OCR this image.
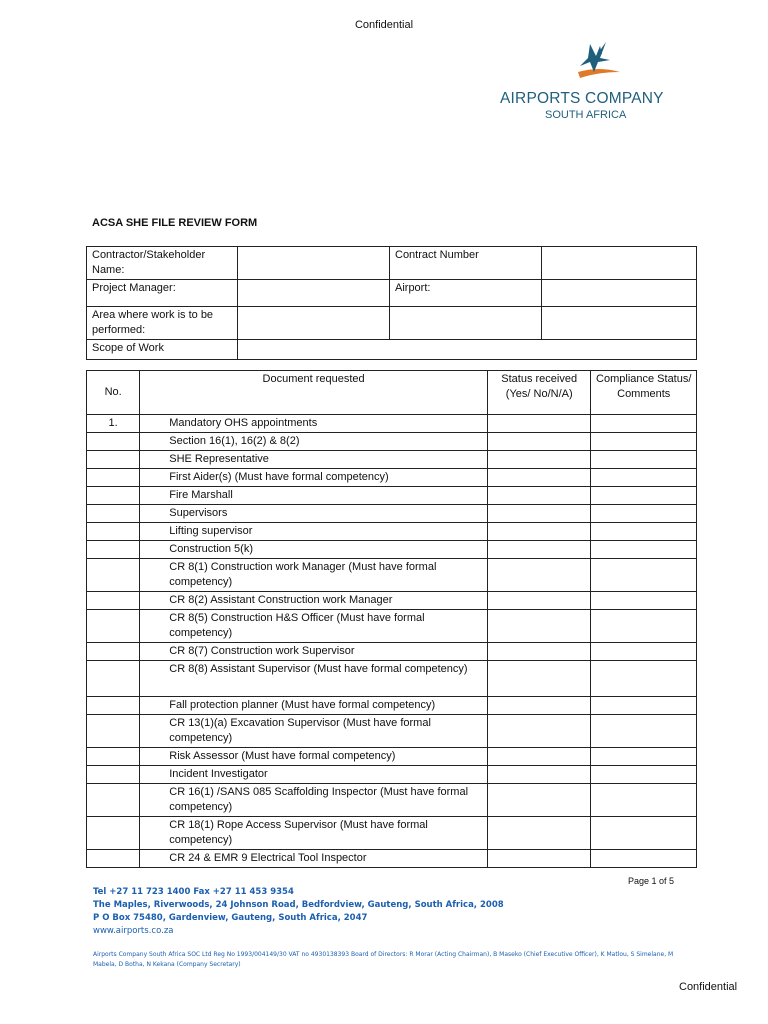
Confidential
AIRPORTS COMPANY
SOUTH AFRICA
ACSA SHE FILE REVIEW FORM
Contractor/Stakeholder Name:		Contract Number	
Project Manager:		Airport:	
Area where work is to be performed:			
Scope of Work			
No.	Document requested	Status received (Yes/ No/N/A)	Compliance Status/ Comments
1.	Mandatory OHS appointments		
	Section 16(1), 16(2) & 8(2)		
	SHE Representative		
	First Aider(s) (Must have formal competency)		
	Fire Marshall		
	Supervisors		
	Lifting supervisor		
	Construction 5(k)		
	CR 8(1) Construction work Manager (Must have formal competency)		
	CR 8(2) Assistant Construction work Manager		
	CR 8(5) Construction H&S Officer (Must have formal competency)		
	CR 8(7) Construction work Supervisor		
	CR 8(8) Assistant Supervisor (Must have formal competency)		
	Fall protection planner (Must have formal competency)		
	CR 13(1)(a) Excavation Supervisor (Must have formal competency)		
	Risk Assessor (Must have formal competency)		
	Incident Investigator		
	CR 16(1) /SANS 085 Scaffolding Inspector (Must have formal competency)		
	CR 18(1) Rope Access Supervisor (Must have formal competency)		
	CR 24 & EMR 9 Electrical Tool Inspector		
Page 1 of 5
Tel +27 11 723 1400 Fax +27 11 453 9354
The Maples, Riverwoods, 24 Johnson Road, Bedfordview, Gauteng, South Africa, 2008
P O Box 75480, Gardenview, Gauteng, South Africa, 2047
www.airports.co.za
Airports Company South Africa SOC Ltd Reg No 1993/004149/30 VAT no 4930138393 Board of Directors: R Morar (Acting Chairman), B Maseko (Chief Executive Officer), K Matlou, S Simelane, M Mabela, D Botha, N Kekana (Company Secretary)
Confidential
